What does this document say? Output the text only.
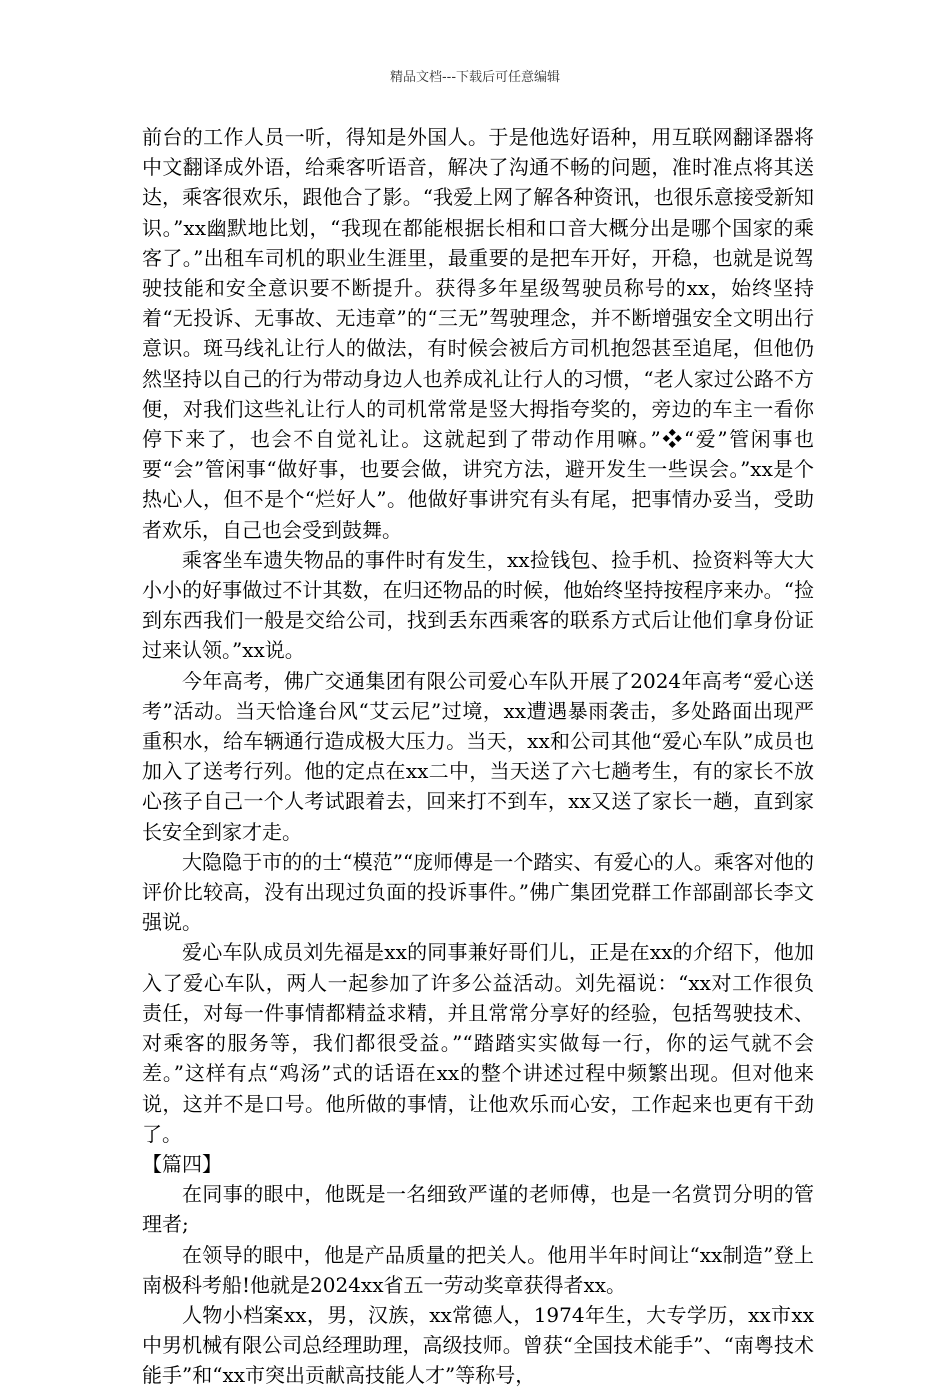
精品文档---下载后可任意编辑

前台的工作人员一听，得知是外国人。于是他选好语种，用互联网翻译器将中文翻译成外语，给乘客听语音，解决了沟通不畅的问题，准时准点将其送达，乘客很欢乐，跟他合了影。“我爱上网了解各种资讯，也很乐意接受新知识。”xx幽默地比划，“我现在都能根据长相和口音大概分出是哪个国家的乘客了。”出租车司机的职业生涯里，最重要的是把车开好，开稳，也就是说驾驶技能和安全意识要不断提升。获得多年星级驾驶员称号的xx，始终坚持着“无投诉、无事故、无违章”的“三无”驾驶理念，并不断增强安全文明出行意识。斑马线礼让行人的做法，有时候会被后方司机抱怨甚至追尾，但他仍然坚持以自己的行为带动身边人也养成礼让行人的习惯，“老人家过公路不方便，对我们这些礼让行人的司机常常是竖大拇指夸奖的，旁边的车主一看你停下来了，也会不自觉礼让。这就起到了带动作用嘛。”❖“爱”管闲事也要“会”管闲事“做好事，也要会做，讲究方法，避开发生一些误会。”xx是个热心人，但不是个“烂好人”。他做好事讲究有头有尾，把事情办妥当，受助者欢乐，自己也会受到鼓舞。

乘客坐车遗失物品的事件时有发生，xx捡钱包、捡手机、捡资料等大大小小的好事做过不计其数，在归还物品的时候，他始终坚持按程序来办。“捡到东西我们一般是交给公司，找到丢东西乘客的联系方式后让他们拿身份证过来认领。”xx说。

今年高考，佛广交通集团有限公司爱心车队开展了2024年高考“爱心送考”活动。当天恰逢台风“艾云尼”过境，xx遭遇暴雨袭击，多处路面出现严重积水，给车辆通行造成极大压力。当天，xx和公司其他“爱心车队”成员也加入了送考行列。他的定点在xx二中，当天送了六七趟考生，有的家长不放心孩子自己一个人考试跟着去，回来打不到车，xx又送了家长一趟，直到家长安全到家才走。

大隐隐于市的的士“模范”“庞师傅是一个踏实、有爱心的人。乘客对他的评价比较高，没有出现过负面的投诉事件。”佛广集团党群工作部副部长李文强说。

爱心车队成员刘先福是xx的同事兼好哥们儿，正是在xx的介绍下，他加入了爱心车队，两人一起参加了许多公益活动。刘先福说：“xx对工作很负责任，对每一件事情都精益求精，并且常常分享好的经验，包括驾驶技术、对乘客的服务等，我们都很受益。”“踏踏实实做每一行，你的运气就不会差。”这样有点“鸡汤”式的话语在xx的整个讲述过程中频繁出现。但对他来说，这并不是口号。他所做的事情，让他欢乐而心安，工作起来也更有干劲了。

【篇四】

在同事的眼中，他既是一名细致严谨的老师傅，也是一名赏罚分明的管理者;

在领导的眼中，他是产品质量的把关人。他用半年时间让“xx制造”登上南极科考船!他就是2024xx省五一劳动奖章获得者xx。

人物小档案xx，男，汉族，xx常德人，1974年生，大专学历，xx市xx中男机械有限公司总经理助理，高级技师。曾获“全国技术能手”、“南粤技术能手”和“xx市突出贡献高技能人才”等称号，
